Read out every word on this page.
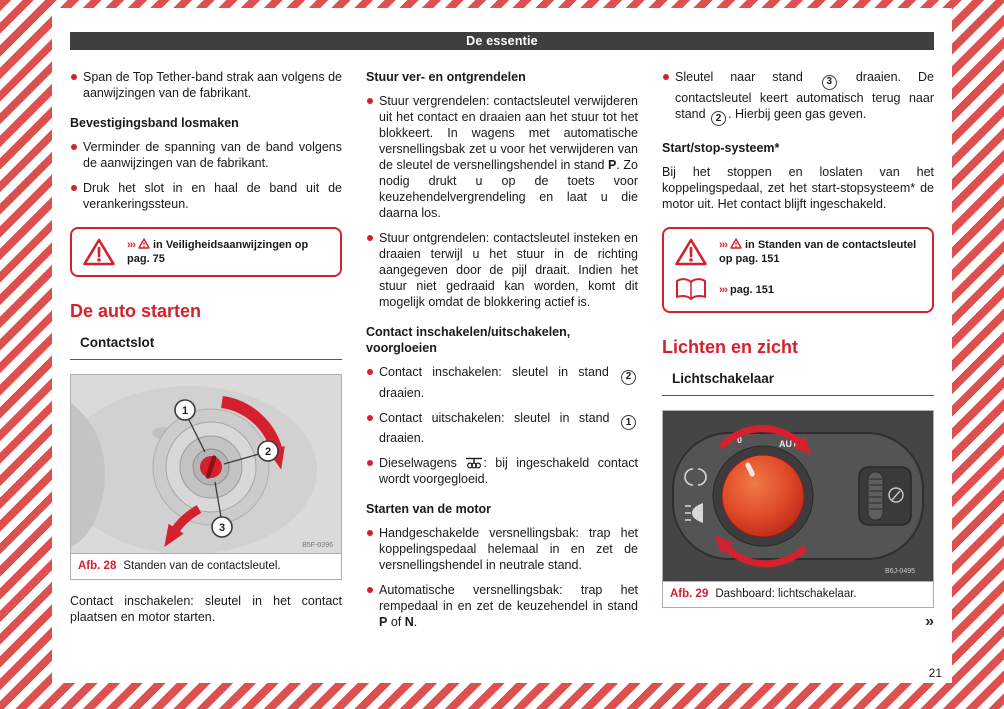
De essentie
Span de Top Tether-band strak aan volgens de aanwijzingen van de fabrikant.
Bevestigingsband losmaken
Verminder de spanning van de band volgens de aanwijzingen van de fabrikant.
Druk het slot in en haal de band uit de verankeringssteun.
››› in Veiligheidsaanwijzingen op pag. 75
De auto starten
Contactslot
1
2
3
B5F-0396
Afb. 28 Standen van de contactsleutel.

Contact inschakelen: sleutel in het contact plaatsen en motor starten.

Stuur ver- en ontgrendelen
Stuur vergrendelen: contactsleutel verwijderen uit het contact en draaien aan het stuur tot het blokkeert. In wagens met automatische versnellingsbak zet u voor het verwijderen van de sleutel de versnellingshendel in stand P. Zo nodig drukt u op de toets voor keuzehendelvergrendeling en laat u die daarna los.
Stuur ontgrendelen: contactsleutel insteken en draaien terwijl u het stuur in de richting aangegeven door de pijl draait. Indien het stuur niet gedraaid kan worden, komt dit mogelijk omdat de blokkering actief is.
Contact inschakelen/uitschakelen, voorgloeien
Contact inschakelen: sleutel in stand 2 draaien.
Contact uitschakelen: sleutel in stand 1 draaien.
Dieselwagens : bij ingeschakeld contact wordt voorgegloeid.
Starten van de motor
Handgeschakelde versnellingsbak: trap het koppelingspedaal helemaal in en zet de versnellingshendel in neutrale stand.
Automatische versnellingsbak: trap het rempedaal in en zet de keuzehendel in stand P of N.
Sleutel naar stand 3 draaien. De contactsleutel keert automatisch terug naar stand 2 . Hierbij geen gas geven.
Start/stop-systeem*

Bij het stoppen en loslaten van het koppelingspedaal, zet het start-stopsysteem* de motor uit. Het contact blijft ingeschakeld.

››› in Standen van de contactsleutel op pag. 151
››› pag. 151
Lichten en zicht
Lichtschakelaar
0	AUTO
B6J-0495
Afb. 29 Dashboard: lichtschakelaar.
»
21
